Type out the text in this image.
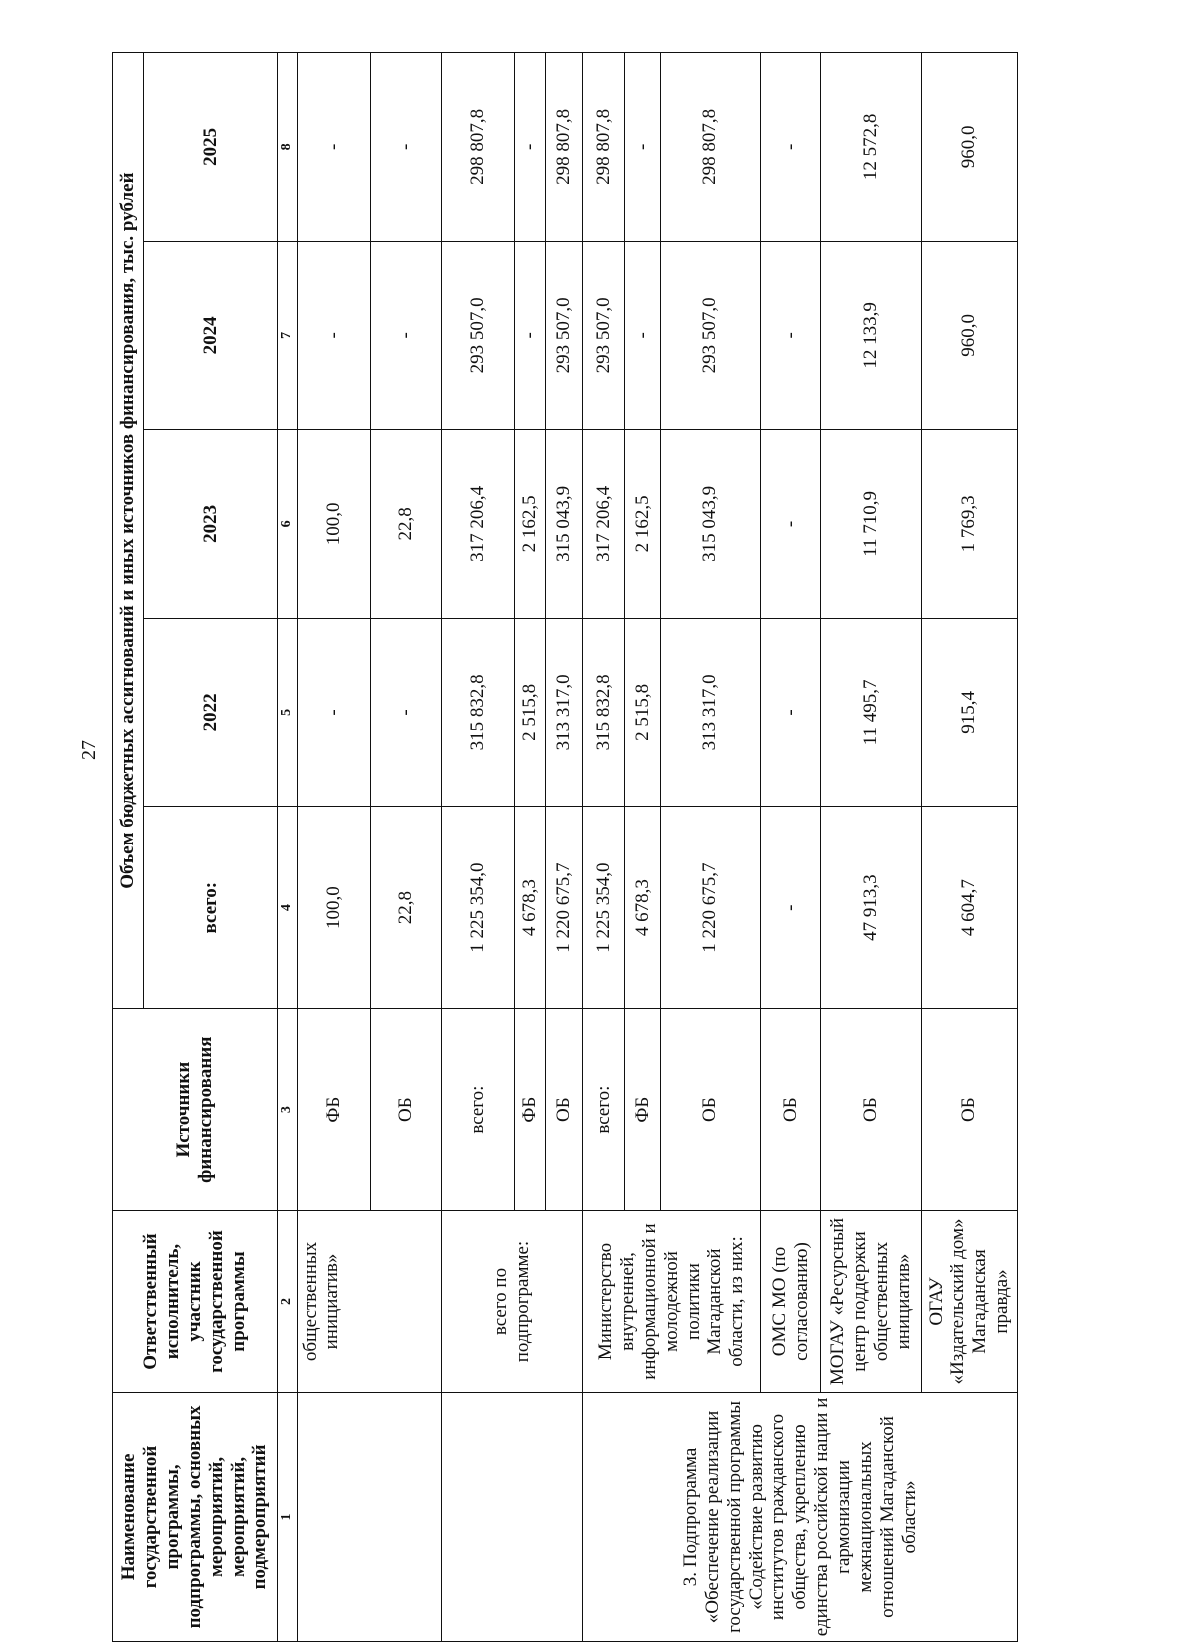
27
Наименование государственной программы, подпрограммы, основных мероприятий, мероприятий, подмероприятий	Ответственный исполнитель, участник государственной программы	Источники финансирования	Объем бюджетных ассигнований и иных источников финансирования, тыс. рублей				
			всего:	2022	2023	2024	2025
1	2	3	4	5	6	7	8
	общественных инициатив»	ФБ	100,0	-	100,0	-	-
		ОБ	22,8	-	22,8	-	-
	всего по подпрограмме:	всего:	1 225 354,0	315 832,8	317 206,4	293 507,0	298 807,8
		ФБ	4 678,3	2 515,8	2 162,5	-	-
		ОБ	1 220 675,7	313 317,0	315 043,9	293 507,0	298 807,8
3. Подпрограмма «Обеспечение реализации государственной программы «Содействие развитию институтов гражданского общества, укреплению единства российской нации и гармонизации межнациональных отношений Магаданской области»	Министерство внутренней, информационной и молодежной политики Магаданской области, из них:	всего:	1 225 354,0	315 832,8	317 206,4	293 507,0	298 807,8
		ФБ	4 678,3	2 515,8	2 162,5	-	-
		ОБ	1 220 675,7	313 317,0	315 043,9	293 507,0	298 807,8
	ОМС МО (по согласованию)	ОБ	-	-	-	-	-
	МОГАУ «Ресурсный центр поддержки общественных инициатив»	ОБ	47 913,3	11 495,7	11 710,9	12 133,9	12 572,8
	ОГАУ «Издательский дом» Магаданская правда»	ОБ	4 604,7	915,4	1 769,3	960,0	960,0
